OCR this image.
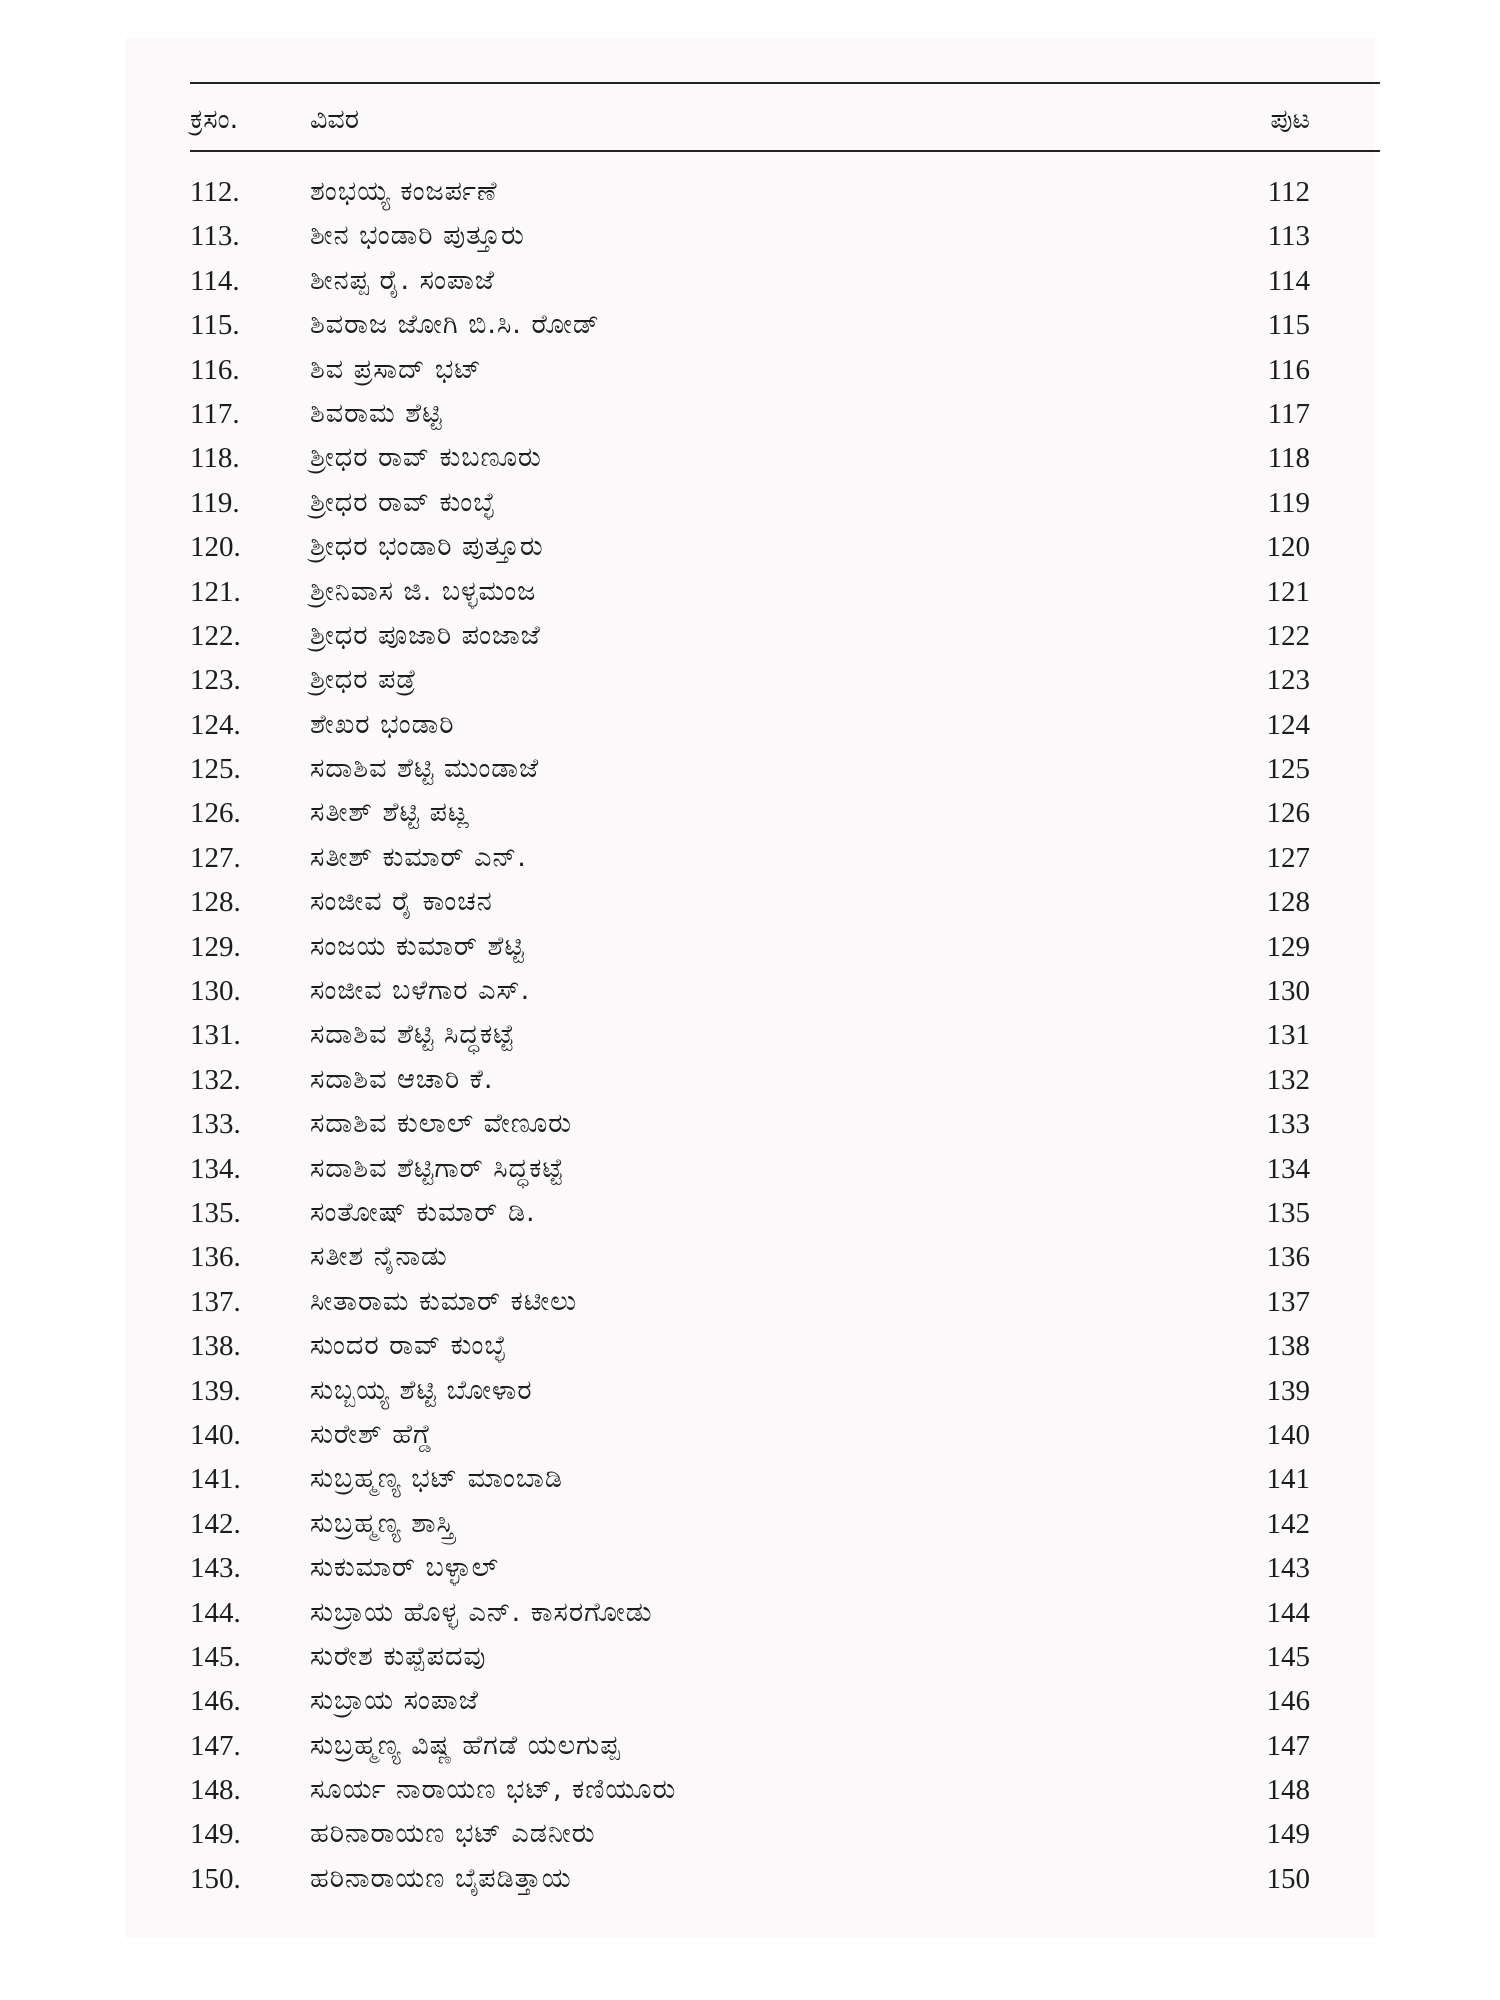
ಕ್ರಸಂ.	ವಿವರ	ಪುಟ
112.	ಶಂಭಯ್ಯ ಕಂಜರ್ಪಣೆ	112
113.	ಶೀನ ಭಂಡಾರಿ ಪುತ್ತೂರು	113
114.	ಶೀನಪ್ಪ ರೈ. ಸಂಪಾಜೆ	114
115.	ಶಿವರಾಜ ಜೋಗಿ ಬಿ.ಸಿ. ರೋಡ್	115
116.	ಶಿವ ಪ್ರಸಾದ್ ಭಟ್	116
117.	ಶಿವರಾಮ ಶೆಟ್ಟಿ	117
118.	ಶ್ರೀಧರ ರಾವ್ ಕುಬಣೂರು	118
119.	ಶ್ರೀಧರ ರಾವ್ ಕುಂಬ್ಳೆ	119
120.	ಶ್ರೀಧರ ಭಂಡಾರಿ ಪುತ್ತೂರು	120
121.	ಶ್ರೀನಿವಾಸ ಜಿ. ಬಳ್ಳಮಂಜ	121
122.	ಶ್ರೀಧರ ಪೂಜಾರಿ ಪಂಜಾಜೆ	122
123.	ಶ್ರೀಧರ ಪಡ್ರೆ	123
124.	ಶೇಖರ ಭಂಡಾರಿ	124
125.	ಸದಾಶಿವ ಶೆಟ್ಟಿ ಮುಂಡಾಜೆ	125
126.	ಸತೀಶ್ ಶೆಟ್ಟಿ ಪಟ್ಲ	126
127.	ಸತೀಶ್ ಕುಮಾರ್ ಎನ್.	127
128.	ಸಂಜೀವ ರೈ ಕಾಂಚನ	128
129.	ಸಂಜಯ ಕುಮಾರ್ ಶೆಟ್ಟಿ	129
130.	ಸಂಜೀವ ಬಳೆಗಾರ ಎಸ್.	130
131.	ಸದಾಶಿವ ಶೆಟ್ಟಿ ಸಿದ್ಧಕಟ್ಟೆ	131
132.	ಸದಾಶಿವ ಆಚಾರಿ ಕೆ.	132
133.	ಸದಾಶಿವ ಕುಲಾಲ್ ವೇಣೂರು	133
134.	ಸದಾಶಿವ ಶೆಟ್ಟಿಗಾರ್ ಸಿದ್ಧಕಟ್ಟೆ	134
135.	ಸಂತೋಷ್ ಕುಮಾರ್ ಡಿ.	135
136.	ಸತೀಶ ನೈನಾಡು	136
137.	ಸೀತಾರಾಮ ಕುಮಾರ್ ಕಟೀಲು	137
138.	ಸುಂದರ ರಾವ್ ಕುಂಬ್ಳೆ	138
139.	ಸುಬ್ಬಯ್ಯ ಶೆಟ್ಟಿ ಬೋಳಾರ	139
140.	ಸುರೇಶ್ ಹೆಗ್ಡೆ	140
141.	ಸುಬ್ರಹ್ಮಣ್ಯ ಭಟ್ ಮಾಂಬಾಡಿ	141
142.	ಸುಬ್ರಹ್ಮಣ್ಯ ಶಾಸ್ತ್ರಿ	142
143.	ಸುಕುಮಾರ್ ಬಳ್ಳಾಲ್	143
144.	ಸುಬ್ರಾಯ ಹೊಳ್ಳ ಎನ್. ಕಾಸರಗೋಡು	144
145.	ಸುರೇಶ ಕುಪ್ಪೆಪದವು	145
146.	ಸುಬ್ರಾಯ ಸಂಪಾಜೆ	146
147.	ಸುಬ್ರಹ್ಮಣ್ಯ ವಿಷ್ಣ ಹೆಗಡೆ ಯಲಗುಪ್ಪ	147
148.	ಸೂರ್ಯ ನಾರಾಯಣ ಭಟ್, ಕಣಿಯೂರು	148
149.	ಹರಿನಾರಾಯಣ ಭಟ್ ಎಡನೀರು	149
150.	ಹರಿನಾರಾಯಣ ಬೈಪಡಿತ್ತಾಯ	150
